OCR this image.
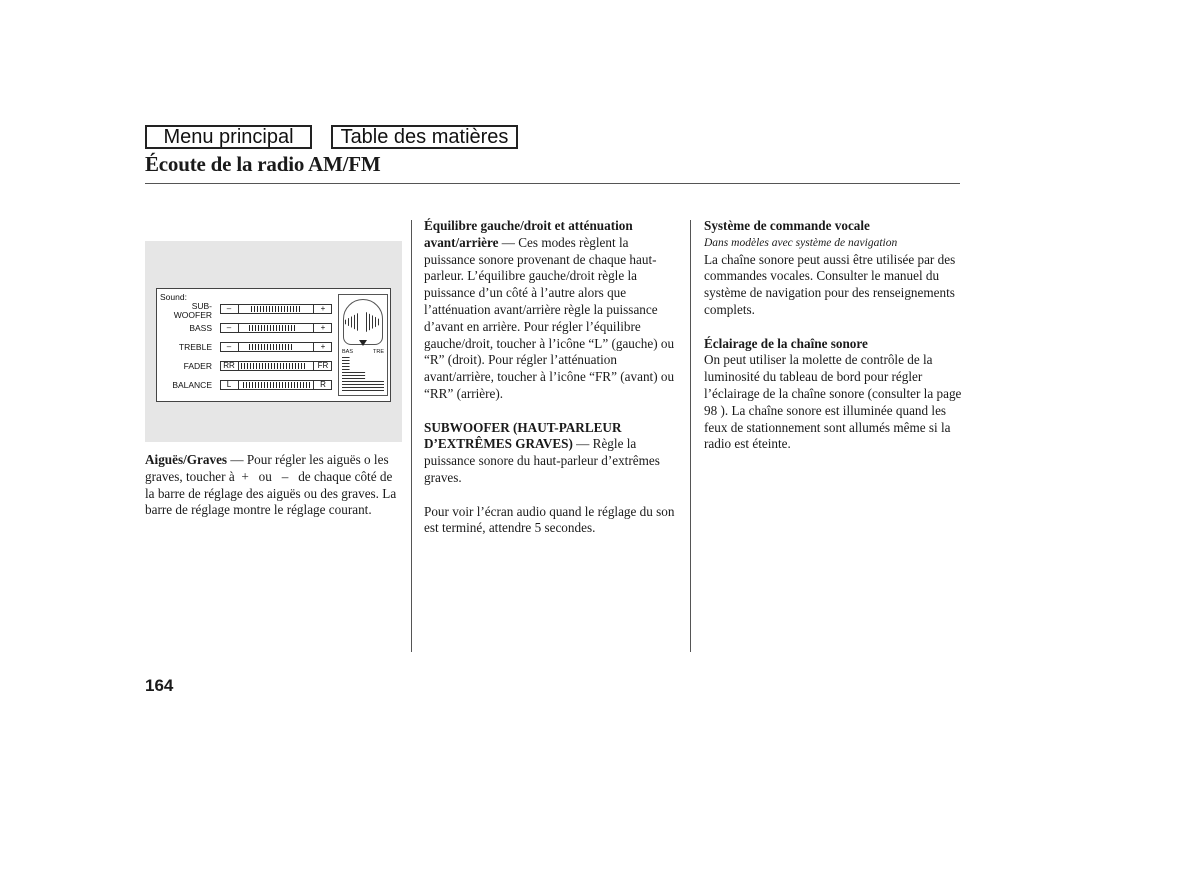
Menu principal	Table des matières
Écoute de la radio AM/FM
Sound:
SUB-
WOOFER
–	+
BASS	–	+
TREBLE	–	+
FADER RR	FR
BALANCE	L	R
BAS	TRE

Aiguës/Graves — Pour régler les aiguës o les graves, toucher à  + ou – de chaque côté de la barre de réglage des aiguës ou des graves. La barre de réglage montre le réglage courant.

Équilibre gauche/droit et atténuation avant/arrière — Ces modes règlent la puissance sonore provenant de chaque haut-parleur. L’équilibre gauche/droit règle la puissance d’un côté à l’autre alors que l’atténuation avant/arrière règle la puissance d’avant en arrière. Pour régler l’équilibre gauche/droit, toucher à l’icône “L” (gauche) ou “R” (droit). Pour régler l’atténuation avant/arrière, toucher à l’icône “FR” (avant) ou “RR” (arrière).

SUBWOOFER (HAUT-PARLEUR D’EXTRÊMES GRAVES) — Règle la puissance sonore du haut-parleur d’extrêmes graves.

Pour voir l’écran audio quand le réglage du son est terminé, attendre 5 secondes.

Système de commande vocale

Dans modèles avec système de navigation

La chaîne sonore peut aussi être utilisée par des commandes vocales. Consulter le manuel du système de navigation pour des renseignements complets.

Éclairage de la chaîne sonore

On peut utiliser la molette de contrôle de la luminosité du tableau de bord pour régler l’éclairage de la chaîne sonore (consulter la page 98 ). La chaîne sonore est illuminée quand les feux de stationnement sont allumés même si la radio est éteinte.

164
